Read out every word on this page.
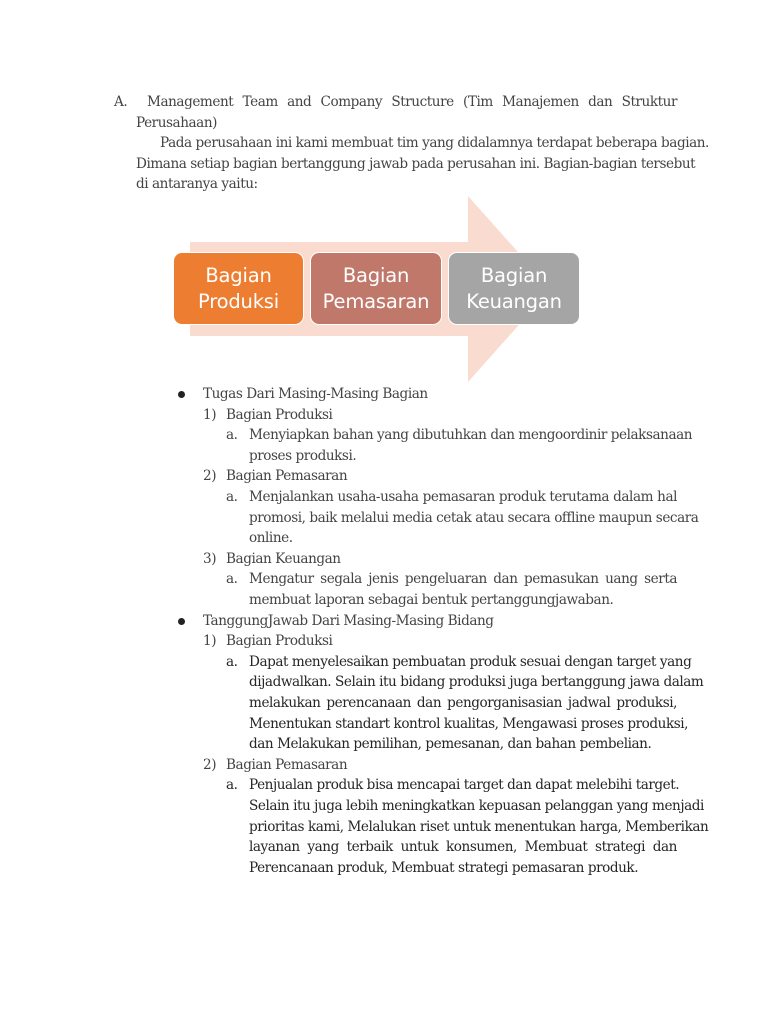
A. Management Team and Company Structure (Tim Manajemen dan Struktur
Perusahaan)
Pada perusahaan ini kami membuat tim yang didalamnya terdapat beberapa bagian.
Dimana setiap bagian bertanggung jawab pada perusahan ini. Bagian-bagian tersebut
di antaranya yaitu:
Bagian
Produksi
Bagian
Pemasaran
Bagian
Keuangan
Tugas Dari Masing-Masing Bagian
1) Bagian Produksi
a. Menyiapkan bahan yang dibutuhkan dan mengoordinir pelaksanaan
proses produksi.
2) Bagian Pemasaran
a. Menjalankan usaha-usaha pemasaran produk terutama dalam hal
promosi, baik melalui media cetak atau secara offline maupun secara
online.
3) Bagian Keuangan
a. Mengatur segala jenis pengeluaran dan pemasukan uang serta
membuat laporan sebagai bentuk pertanggungjawaban.
TanggungJawab Dari Masing-Masing Bidang
1) Bagian Produksi
a. Dapat menyelesaikan pembuatan produk sesuai dengan target yang
dijadwalkan. Selain itu bidang produksi juga bertanggung jawa dalam
melakukan perencanaan dan pengorganisasian jadwal produksi,
Menentukan standart kontrol kualitas, Mengawasi proses produksi,
dan Melakukan pemilihan, pemesanan, dan bahan pembelian.
2) Bagian Pemasaran
a. Penjualan produk bisa mencapai target dan dapat melebihi target.
Selain itu juga lebih meningkatkan kepuasan pelanggan yang menjadi
prioritas kami, Melalukan riset untuk menentukan harga, Memberikan
layanan yang terbaik untuk konsumen, Membuat strategi dan
Perencanaan produk, Membuat strategi pemasaran produk.
